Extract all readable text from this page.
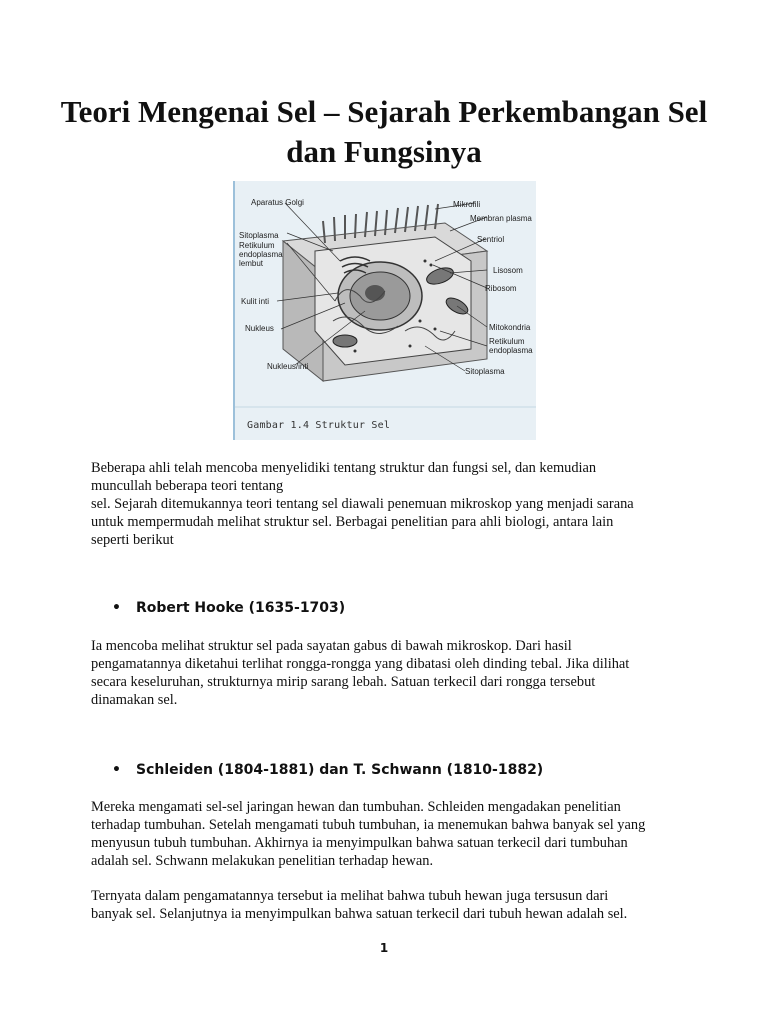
Teori Mengenai Sel – Sejarah Perkembangan Sel dan Fungsinya
Aparatus Golgi
Sitoplasma
Retikulum
endoplasma
lembut
Kulit inti
Nukleus
Nukleus/inti
Mikrofili
Membran plasma
Sentriol
Lisosom
Ribosom
Mitokondria
Retikulum
endoplasma
Sitoplasma
Gambar 1.4 Struktur Sel

Beberapa ahli telah mencoba menyelidiki tentang struktur dan fungsi sel, dan kemudian
muncullah beberapa teori tentang
sel. Sejarah ditemukannya teori tentang sel diawali penemuan mikroskop yang menjadi sarana
untuk mempermudah melihat struktur sel. Berbagai penelitian para ahli biologi, antara lain
seperti berikut

•	Robert Hooke (1635-1703)

Ia mencoba melihat struktur sel pada sayatan gabus di bawah mikroskop. Dari hasil
pengamatannya diketahui terlihat rongga-rongga yang dibatasi oleh dinding tebal. Jika dilihat
secara keseluruhan, strukturnya mirip sarang lebah. Satuan terkecil dari rongga tersebut
dinamakan sel.

•	Schleiden (1804-1881) dan T. Schwann (1810-1882)

Mereka mengamati sel-sel jaringan hewan dan tumbuhan. Schleiden mengadakan penelitian
terhadap tumbuhan. Setelah mengamati tubuh tumbuhan, ia menemukan bahwa banyak sel yang
menyusun tubuh tumbuhan. Akhirnya ia menyimpulkan bahwa satuan terkecil dari tumbuhan
adalah sel. Schwann melakukan penelitian terhadap hewan.

Ternyata dalam pengamatannya tersebut ia melihat bahwa tubuh hewan juga tersusun dari
banyak sel. Selanjutnya ia menyimpulkan bahwa satuan terkecil dari tubuh hewan adalah sel.

1
